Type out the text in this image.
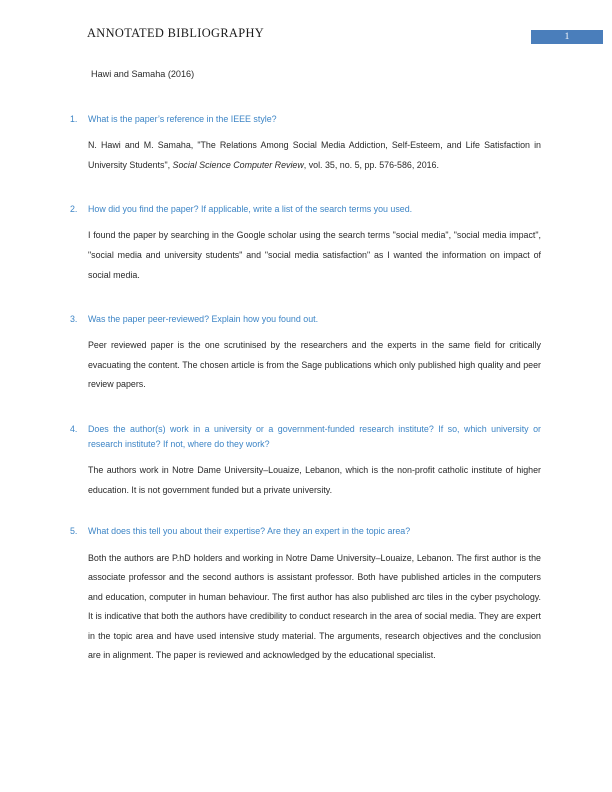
ANNOTATED BIBLIOGRAPHY	1
Hawi and Samaha (2016)
1. What is the paper’s reference in the IEEE style?

N. Hawi and M. Samaha, "The Relations Among Social Media Addiction, Self-Esteem, and Life Satisfaction in University Students", Social Science Computer Review, vol. 35, no. 5, pp. 576-586, 2016.

2. How did you find the paper? If applicable, write a list of the search terms you used.

I found the paper by searching in the Google scholar using the search terms "social media", "social media impact", "social media and university students" and "social media satisfaction" as I wanted the information on impact of social media.

3. Was the paper peer-reviewed? Explain how you found out.

Peer reviewed paper is the one scrutinised by the researchers and the experts in the same field for critically evacuating the content. The chosen article is from the Sage publications which only published high quality and peer review papers.

4. Does the author(s) work in a university or a government-funded research institute? If so, which university or research institute? If not, where do they work?

The authors work in Notre Dame University–Louaize, Lebanon, which is the non-profit catholic institute of higher education. It is not government funded but a private university.

5. What does this tell you about their expertise? Are they an expert in the topic area?

Both the authors are P.hD holders and working in Notre Dame University–Louaize, Lebanon. The first author is the associate professor and the second authors is assistant professor. Both have published articles in the computers and education, computer in human behaviour. The first author has also published arc tiles in the cyber psychology. It is indicative that both the authors have credibility to conduct research in the area of social media. They are expert in the topic area and have used intensive study material. The arguments, research objectives and the conclusion are in alignment. The paper is reviewed and acknowledged by the educational specialist.
